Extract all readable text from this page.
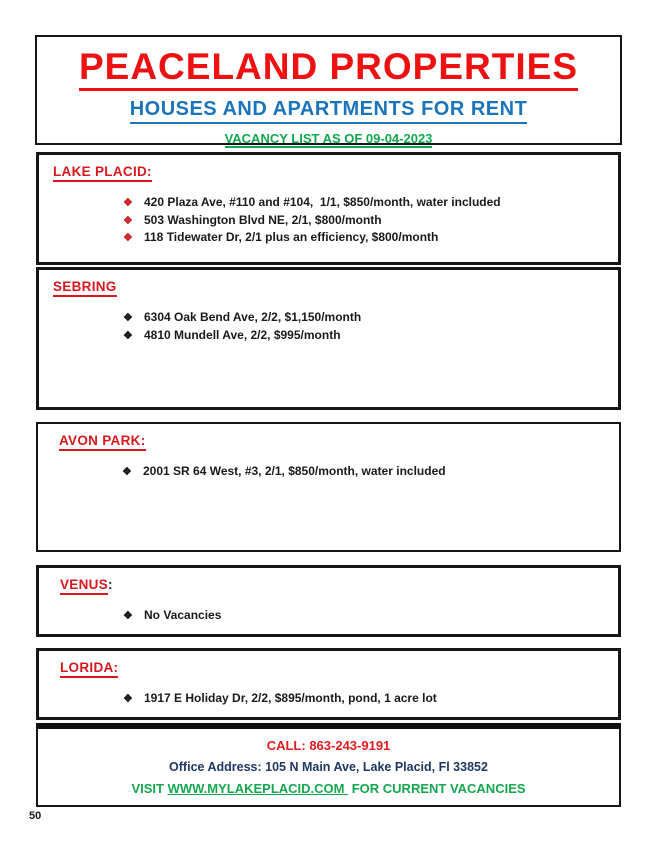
PEACELAND PROPERTIES
HOUSES AND APARTMENTS FOR RENT
VACANCY LIST AS OF 09-04-2023
LAKE PLACID:
❖ 420 Plaza Ave, #110 and #104,  1/1, $850/month, water included
❖ 503 Washington Blvd NE, 2/1, $800/month
❖ 118 Tidewater Dr, 2/1 plus an efficiency, $800/month
SEBRING
❖ 6304 Oak Bend Ave, 2/2, $1,150/month
❖ 4810 Mundell Ave, 2/2, $995/month
AVON PARK:
❖ 2001 SR 64 West, #3, 2/1, $850/month, water included
VENUS:
❖ No Vacancies
LORIDA:
❖ 1917 E Holiday Dr, 2/2, $895/month, pond, 1 acre lot
CALL: 863-243-9191
Office Address: 105 N Main Ave, Lake Placid, Fl 33852
VISIT WWW.MYLAKEPLACID.COM  FOR CURRENT VACANCIES
50
